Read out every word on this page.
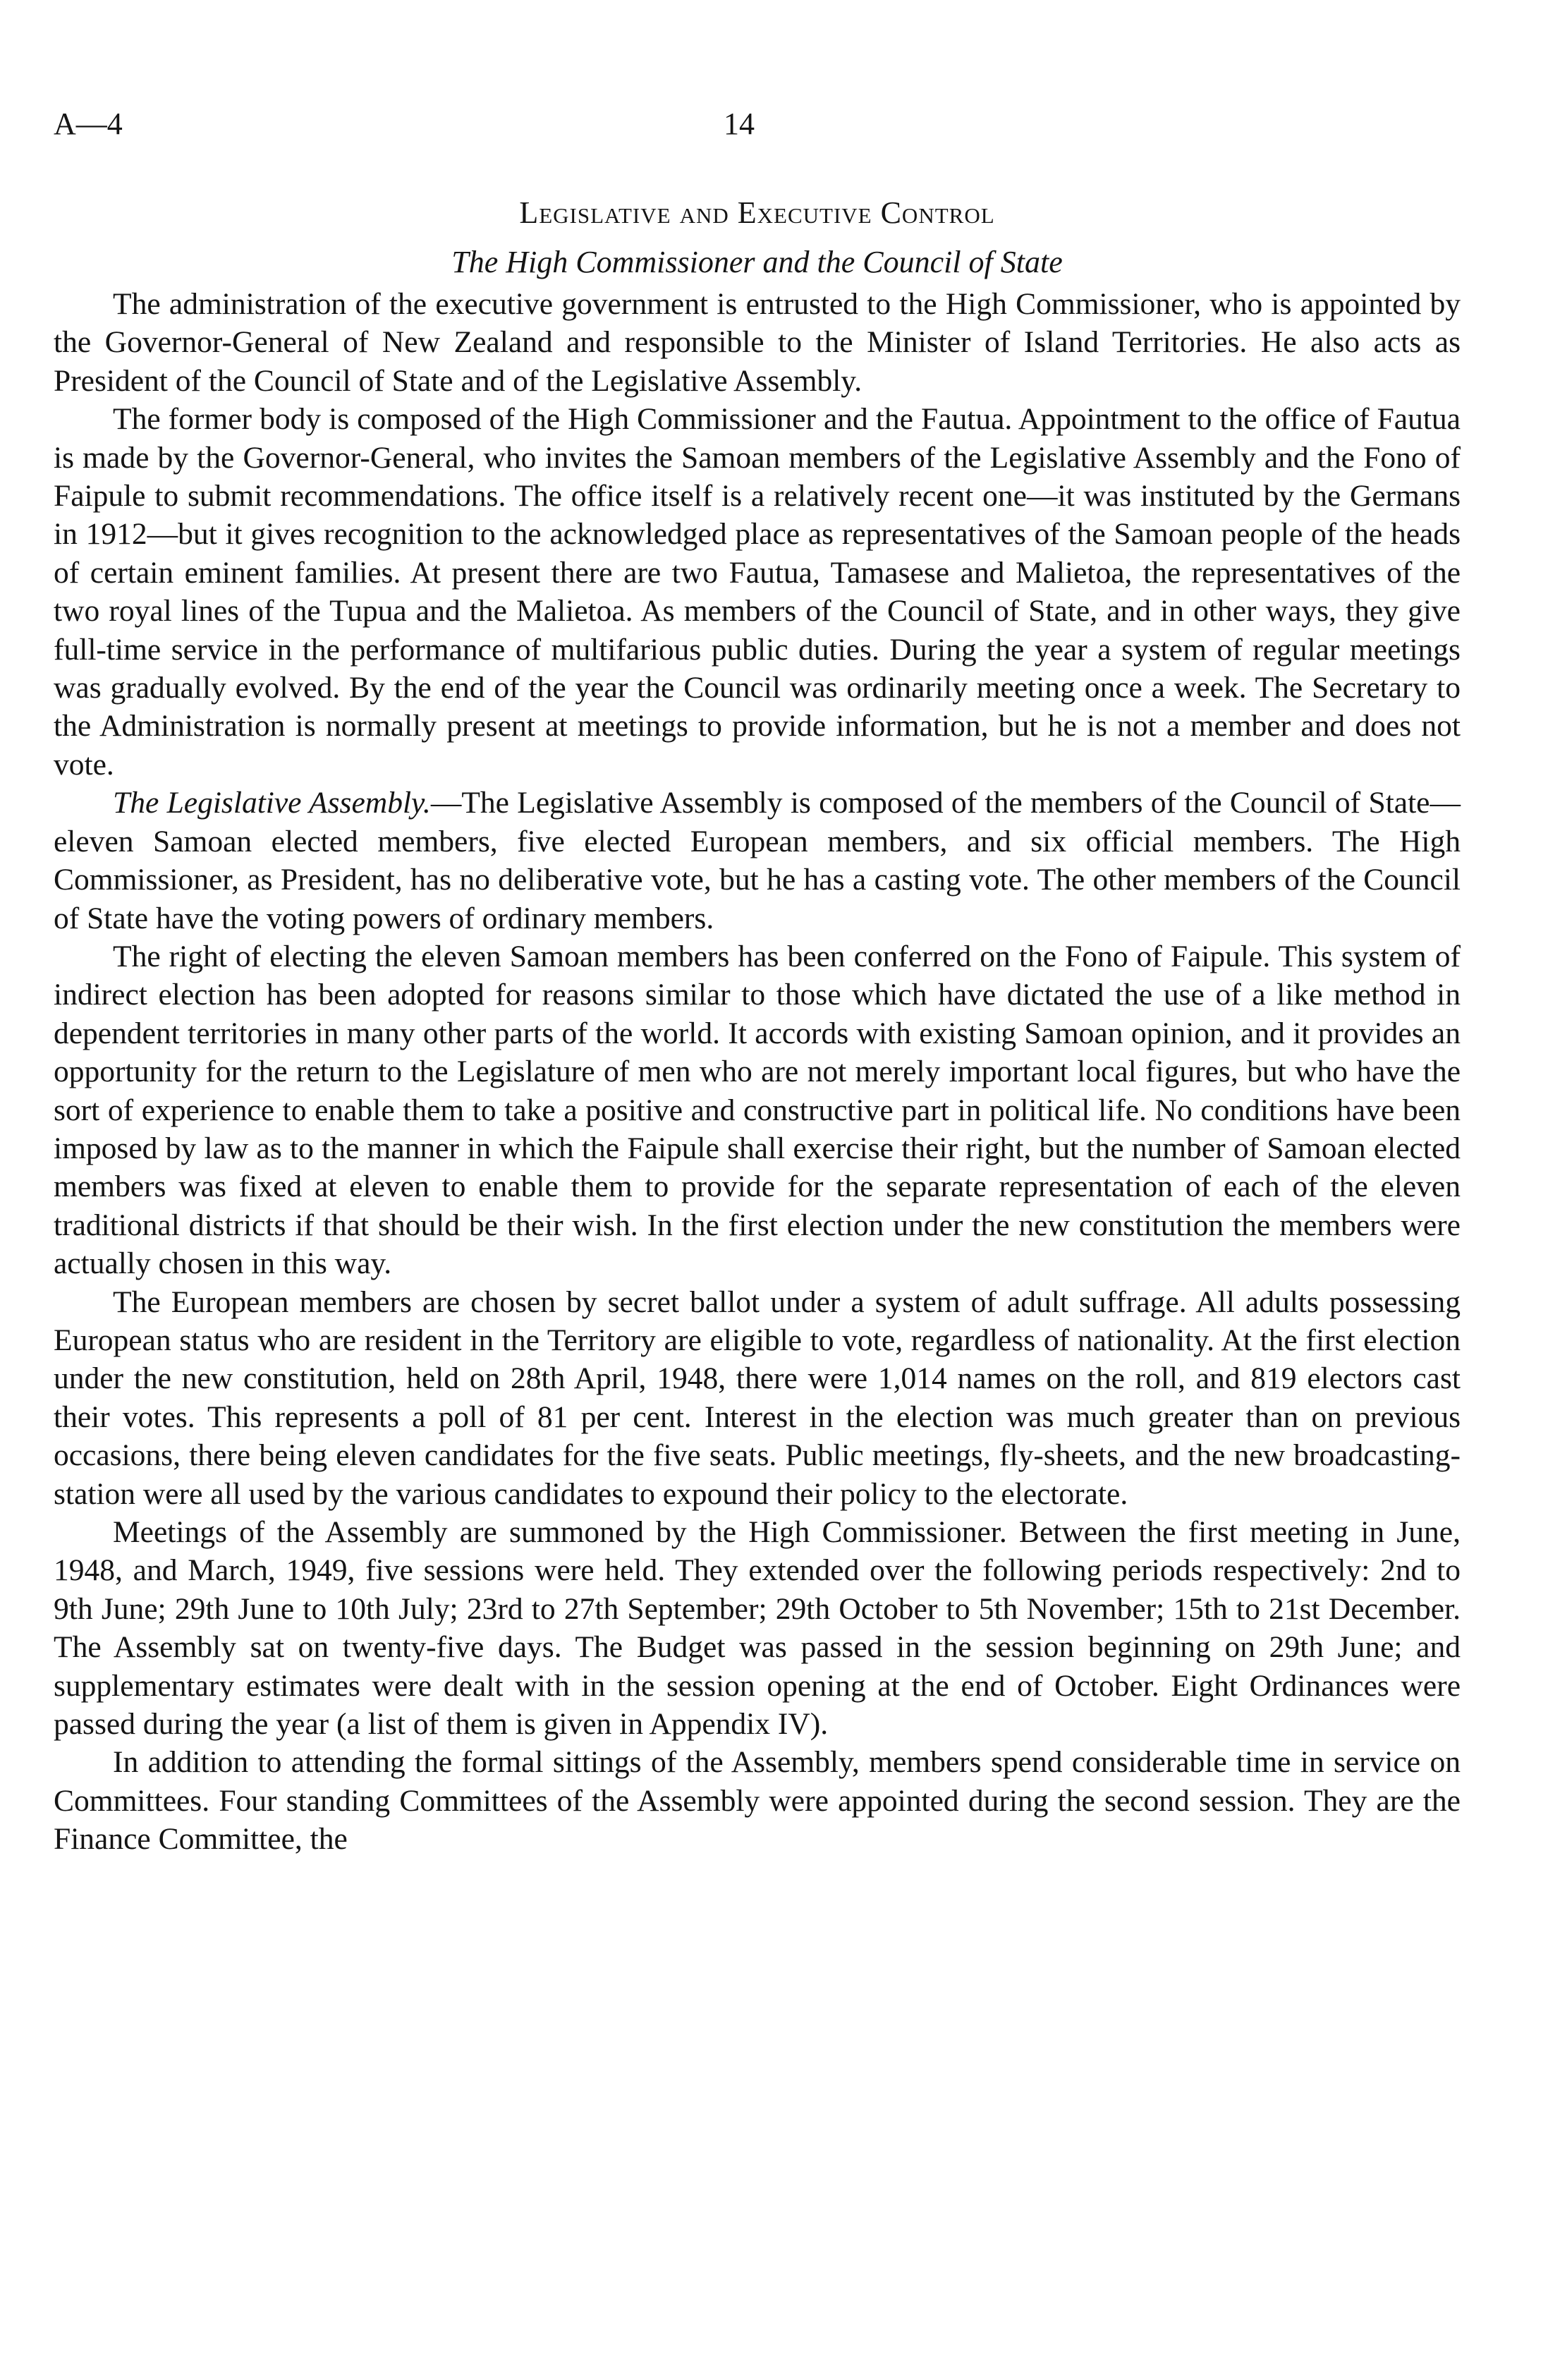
A—4	14
Legislative and Executive Control
The High Commissioner and the Council of State

The administration of the executive government is entrusted to the High Commissioner, who is appointed by the Governor-General of New Zealand and responsible to the Minister of Island Territories. He also acts as President of the Council of State and of the Legislative Assembly.

The former body is composed of the High Commissioner and the Fautua. Appointment to the office of Fautua is made by the Governor-General, who invites the Samoan members of the Legislative Assembly and the Fono of Faipule to submit recommendations. The office itself is a relatively recent one—it was instituted by the Germans in 1912—but it gives recognition to the acknowledged place as representatives of the Samoan people of the heads of certain eminent families. At present there are two Fautua, Tamasese and Malietoa, the representatives of the two royal lines of the Tupua and the Malietoa. As members of the Council of State, and in other ways, they give full-time service in the performance of multifarious public duties. During the year a system of regular meetings was gradually evolved. By the end of the year the Council was ordinarily meeting once a week. The Secretary to the Administration is normally present at meetings to provide information, but he is not a member and does not vote.

The Legislative Assembly.—The Legislative Assembly is composed of the members of the Council of State—eleven Samoan elected members, five elected European members, and six official members. The High Commissioner, as President, has no deliberative vote, but he has a casting vote. The other members of the Council of State have the voting powers of ordinary members.

The right of electing the eleven Samoan members has been conferred on the Fono of Faipule. This system of indirect election has been adopted for reasons similar to those which have dictated the use of a like method in dependent territories in many other parts of the world. It accords with existing Samoan opinion, and it provides an opportunity for the return to the Legislature of men who are not merely important local figures, but who have the sort of experience to enable them to take a positive and constructive part in political life. No conditions have been imposed by law as to the manner in which the Faipule shall exercise their right, but the number of Samoan elected members was fixed at eleven to enable them to provide for the separate representation of each of the eleven traditional districts if that should be their wish. In the first election under the new constitution the members were actually chosen in this way.

The European members are chosen by secret ballot under a system of adult suffrage. All adults possessing European status who are resident in the Territory are eligible to vote, regardless of nationality. At the first election under the new constitution, held on 28th April, 1948, there were 1,014 names on the roll, and 819 electors cast their votes. This represents a poll of 81 per cent. Interest in the election was much greater than on previous occasions, there being eleven candidates for the five seats. Public meetings, fly-sheets, and the new broadcasting-station were all used by the various candidates to expound their policy to the electorate.

Meetings of the Assembly are summoned by the High Commissioner. Between the first meeting in June, 1948, and March, 1949, five sessions were held. They extended over the following periods respectively: 2nd to 9th June; 29th June to 10th July; 23rd to 27th September; 29th October to 5th November; 15th to 21st December. The Assembly sat on twenty-five days. The Budget was passed in the session beginning on 29th June; and supplementary estimates were dealt with in the session opening at the end of October. Eight Ordinances were passed during the year (a list of them is given in Appendix IV).

In addition to attending the formal sittings of the Assembly, members spend considerable time in service on Committees. Four standing Committees of the Assembly were appointed during the second session. They are the Finance Committee, the
